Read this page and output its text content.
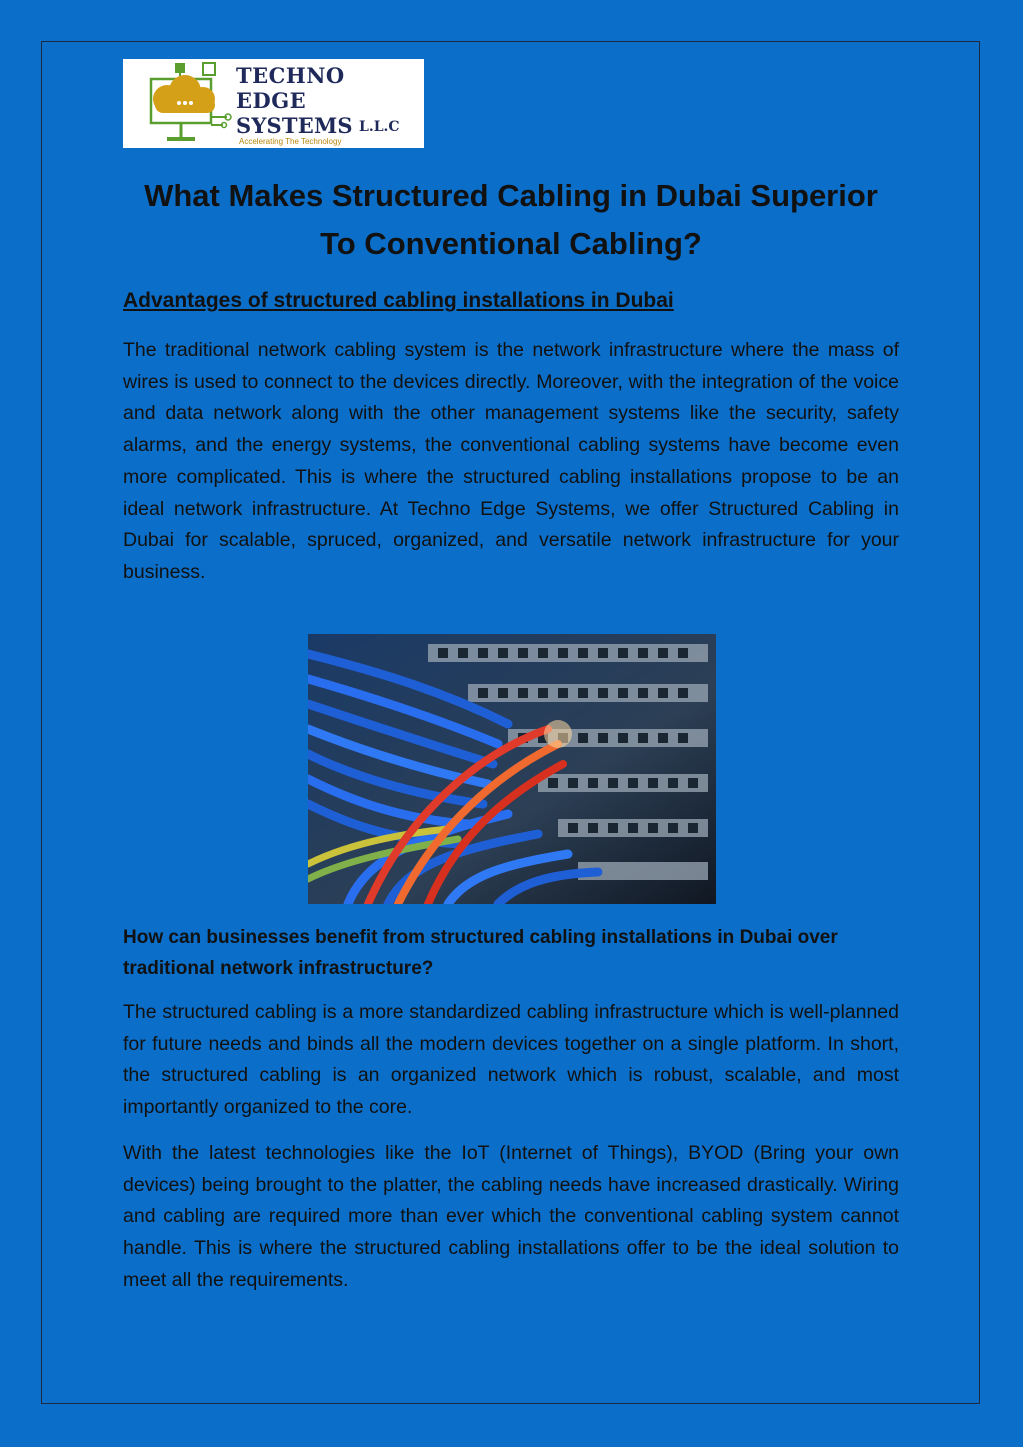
TECHNO
EDGE
SYSTEMS L.L.C
Accelerating The Technology
What Makes Structured Cabling in Dubai Superior To Conventional Cabling?
Advantages of structured cabling installations in Dubai

The traditional network cabling system is the network infrastructure where the mass of wires is used to connect to the devices directly. Moreover, with the integration of the voice and data network along with the other management systems like the security, safety alarms, and the energy systems, the conventional cabling systems have become even more complicated. This is where the structured cabling installations propose to be an ideal network infrastructure. At Techno Edge Systems, we offer Structured Cabling in Dubai for scalable, spruced, organized, and versatile network infrastructure for your business.

How can businesses benefit from structured cabling installations in Dubai over traditional network infrastructure?

The structured cabling is a more standardized cabling infrastructure which is well-planned for future needs and binds all the modern devices together on a single platform. In short, the structured cabling is an organized network which is robust, scalable, and most importantly organized to the core.

With the latest technologies like the IoT (Internet of Things), BYOD (Bring your own devices) being brought to the platter, the cabling needs have increased drastically. Wiring and cabling are required more than ever which the conventional cabling system cannot handle. This is where the structured cabling installations offer to be the ideal solution to meet all the requirements.
